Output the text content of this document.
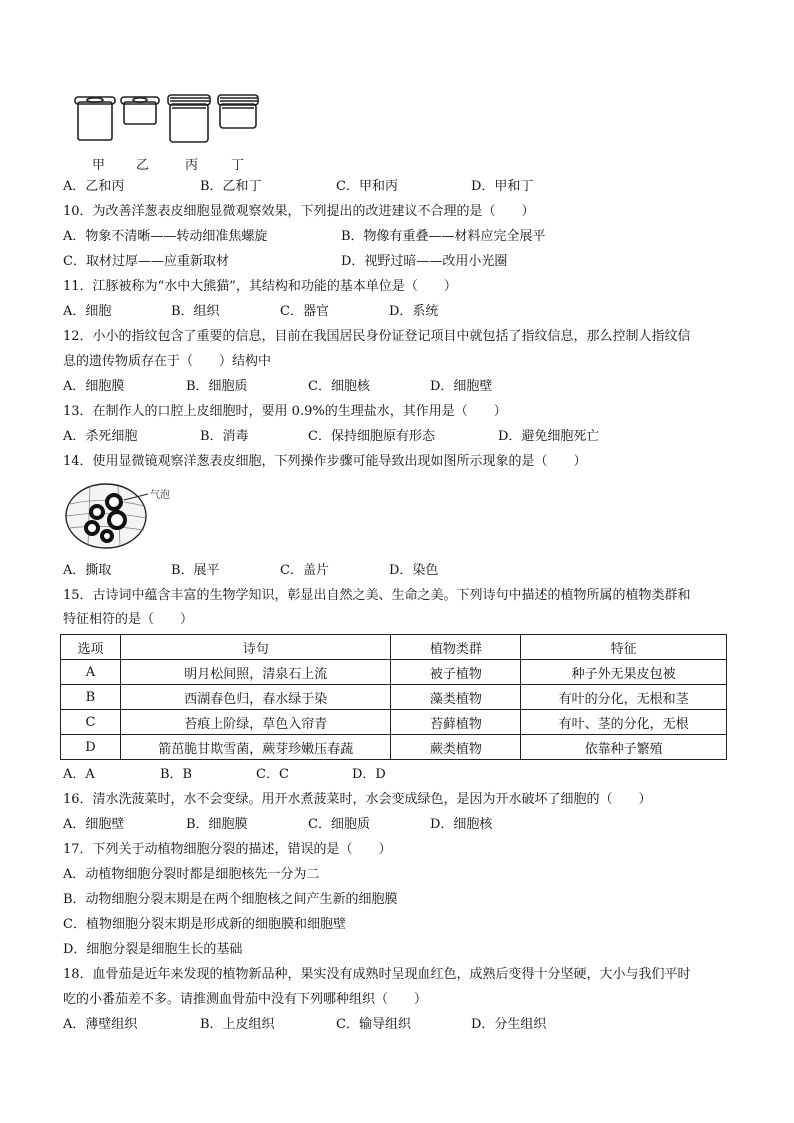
甲 乙	丙	丁
A．乙和丙	B．乙和丁	C．甲和丙	D．甲和丁
10．为改善洋葱表皮细胞显微观察效果，下列提出的改进建议不合理的是（　　）
A．物象不清晰——转动细准焦螺旋	B．物像有重叠——材料应完全展平
C．取材过厚——应重新取材	D．视野过暗——改用小光圈
11．江豚被称为“水中大熊猫”，其结构和功能的基本单位是（　　）
A．细胞	B．组织	C．器官	D．系统
12．小小的指纹包含了重要的信息，目前在我国居民身份证登记项目中就包括了指纹信息，那么控制人指纹信
息的遗传物质存在于（　　）结构中
A．细胞膜	B．细胞质	C．细胞核	D．细胞壁
13．在制作人的口腔上皮细胞时，要用 0.9%的生理盐水，其作用是（　　）
A．杀死细胞	B．消毒	C．保持细胞原有形态	D．避免细胞死亡
14．使用显微镜观察洋葱表皮细胞，下列操作步骤可能导致出现如图所示现象的是（　　）
气泡
A．撕取	B．展平	C．盖片	D．染色
15．古诗词中蕴含丰富的生物学知识，彰显出自然之美、生命之美。下列诗句中描述的植物所属的植物类群和
特征相符的是（　　）
选项	诗句	植物类群	特征
A	明月松间照，清泉石上流	被子植物	种子外无果皮包被
B	西湖春色归，春水绿于染	藻类植物	有叶的分化，无根和茎
C	苔痕上阶绿，草色入帘青	苔藓植物	有叶、茎的分化，无根
D	箭茁脆甘欺雪菌，蕨芽珍嫩压春蔬	蕨类植物	依靠种子繁殖
A．A	B．B	C．C	D．D
16．清水洗菠菜时，水不会变绿。用开水煮菠菜时，水会变成绿色，是因为开水破坏了细胞的（　　）
A．细胞壁	B．细胞膜	C．细胞质	D．细胞核
17．下列关于动植物细胞分裂的描述，错误的是（　　）
A．动植物细胞分裂时都是细胞核先一分为二
B．动物细胞分裂末期是在两个细胞核之间产生新的细胞膜
C．植物细胞分裂末期是形成新的细胞膜和细胞壁
D．细胞分裂是细胞生长的基础
18．血骨茄是近年来发现的植物新品种，果实没有成熟时呈现血红色，成熟后变得十分坚硬，大小与我们平时
吃的小番茄差不多。请推测血骨茄中没有下列哪种组织（　　）
A．薄壁组织	B．上皮组织	C．输导组织	D．分生组织
